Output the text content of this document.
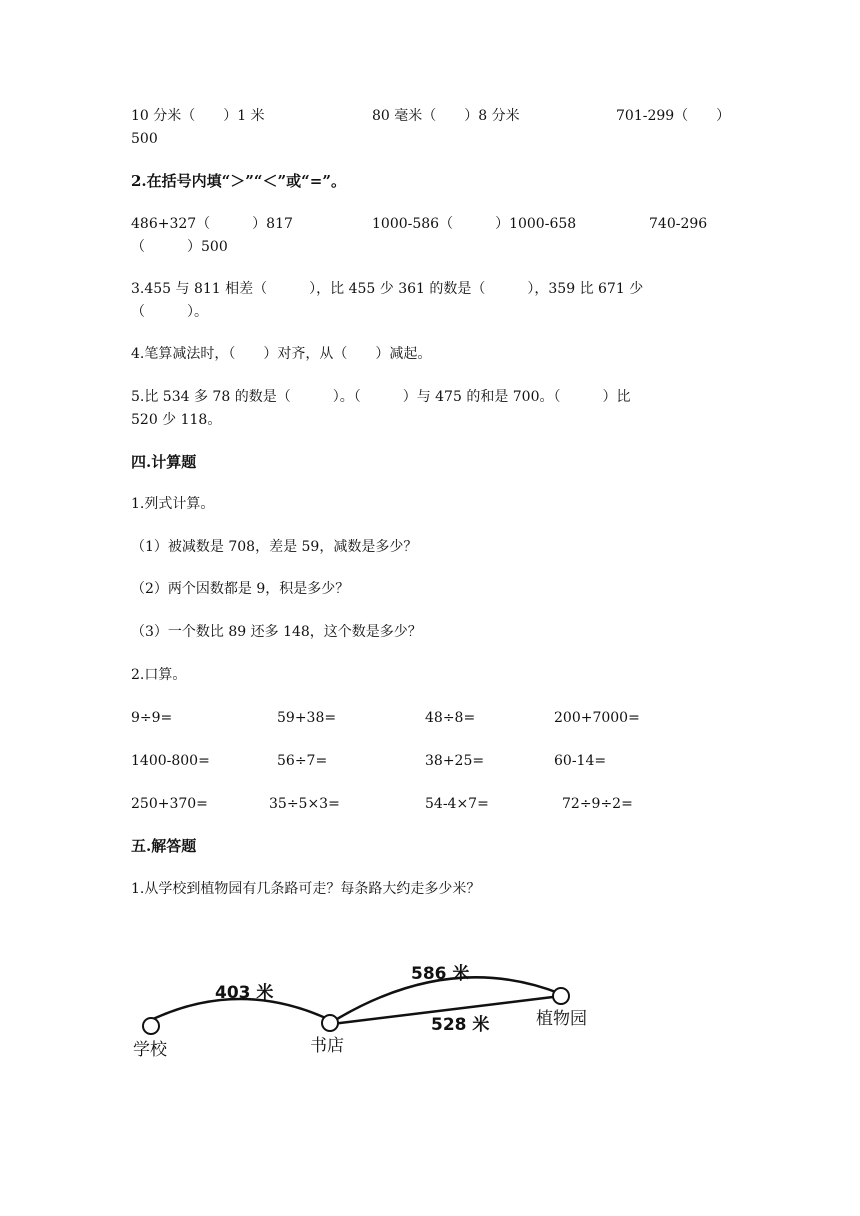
10 分米（　　）1 米	80 毫米（　　）8 分米	701-299（　　）
500
2.在括号内填“＞”“＜”或“=”。
486+327（　　　）817	1000-586（　　　）1000-658	740-296
（　　　）500
3.455 与 811 相差（　　　），比 455 少 361 的数是（　　　），359 比 671 少
（　　　）。
4.笔算减法时，（　　）对齐，从（　　）减起。
5.比 534 多 78 的数是（　　　）。（　　　）与 475 的和是 700。（　　　）比
520 少 118。
四.计算题
1.列式计算。
（1）被减数是 708，差是 59，减数是多少？
（2）两个因数都是 9，积是多少？
（3）一个数比 89 还多 148，这个数是多少？
2.口算。
9÷9=	59+38=	48÷8=	200+7000=
1400-800=	56÷7=	38+25=	60-14=
250+370=	35÷5×3=	54-4×7=	72÷9÷2=
五.解答题
1.从学校到植物园有几条路可走？每条路大约走多少米？
403 米
586 米
528 米
学校	书店
植物园
